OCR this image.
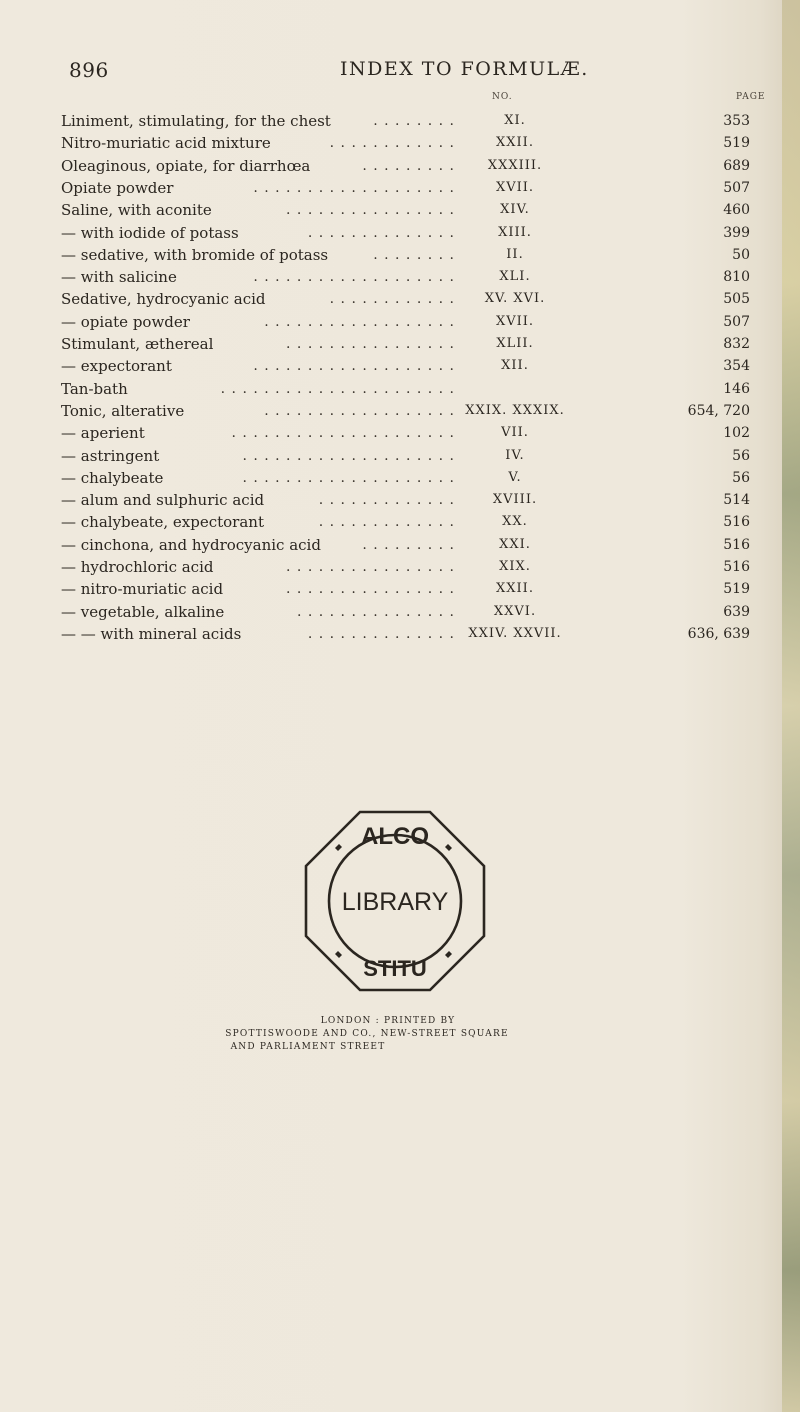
896	INDEX TO FORMULÆ.
NO.	PAGE
Liniment, stimulating, for the chest	. . . . . . . .	XI.	353
Nitro-muriatic acid mixture	. . . . . . . . . . . .	XXII.	519
Oleaginous, opiate, for diarrhœa	. . . . . . . . .	XXXIII.	689
Opiate powder	. . . . . . . . . . . . . . . . . . .	XVII.	507
Saline, with aconite	. . . . . . . . . . . . . . . .	XIV.	460
— with iodide of potass	. . . . . . . . . . . . . .	XIII.	399
— sedative, with bromide of potass	. . . . . . . .	II.	50
— with salicine	. . . . . . . . . . . . . . . . . . .	XLI.	810
Sedative, hydrocyanic acid	. . . . . . . . . . . . XV. XVI.	505
— opiate powder	. . . . . . . . . . . . . . . . . .	XVII.	507
Stimulant, æthereal	. . . . . . . . . . . . . . . .	XLII.	832
— expectorant	. . . . . . . . . . . . . . . . . . .	XII.	354
Tan-bath	. . . . . . . . . . . . . . . . . . . . . .	146
Tonic, alterative	. . . . . . . . . . . . . . . . . . XXIX. XXXIX.	654, 720
— aperient	. . . . . . . . . . . . . . . . . . . . .	VII.	102
— astringent	. . . . . . . . . . . . . . . . . . . .	IV.	56
— chalybeate	. . . . . . . . . . . . . . . . . . . .	V.	56
— alum and sulphuric acid	. . . . . . . . . . . . .	XVIII.	514
— chalybeate, expectorant	. . . . . . . . . . . . .	XX.	516
— cinchona, and hydrocyanic acid	. . . . . . . . .	XXI.	516
— hydrochloric acid	. . . . . . . . . . . . . . . .	XIX.	516
— nitro-muriatic acid	. . . . . . . . . . . . . . . .	XXII.	519
— vegetable, alkaline	. . . . . . . . . . . . . . .	XXVI.	639
— — with mineral acids	. . . . . . . . . . . . . . XXIV. XXVII.	636, 639
ALCO
LIBRARY
STITU
LONDON : PRINTED BY
SPOTTISWOODE AND CO., NEW-STREET SQUARE
AND PARLIAMENT STREET
